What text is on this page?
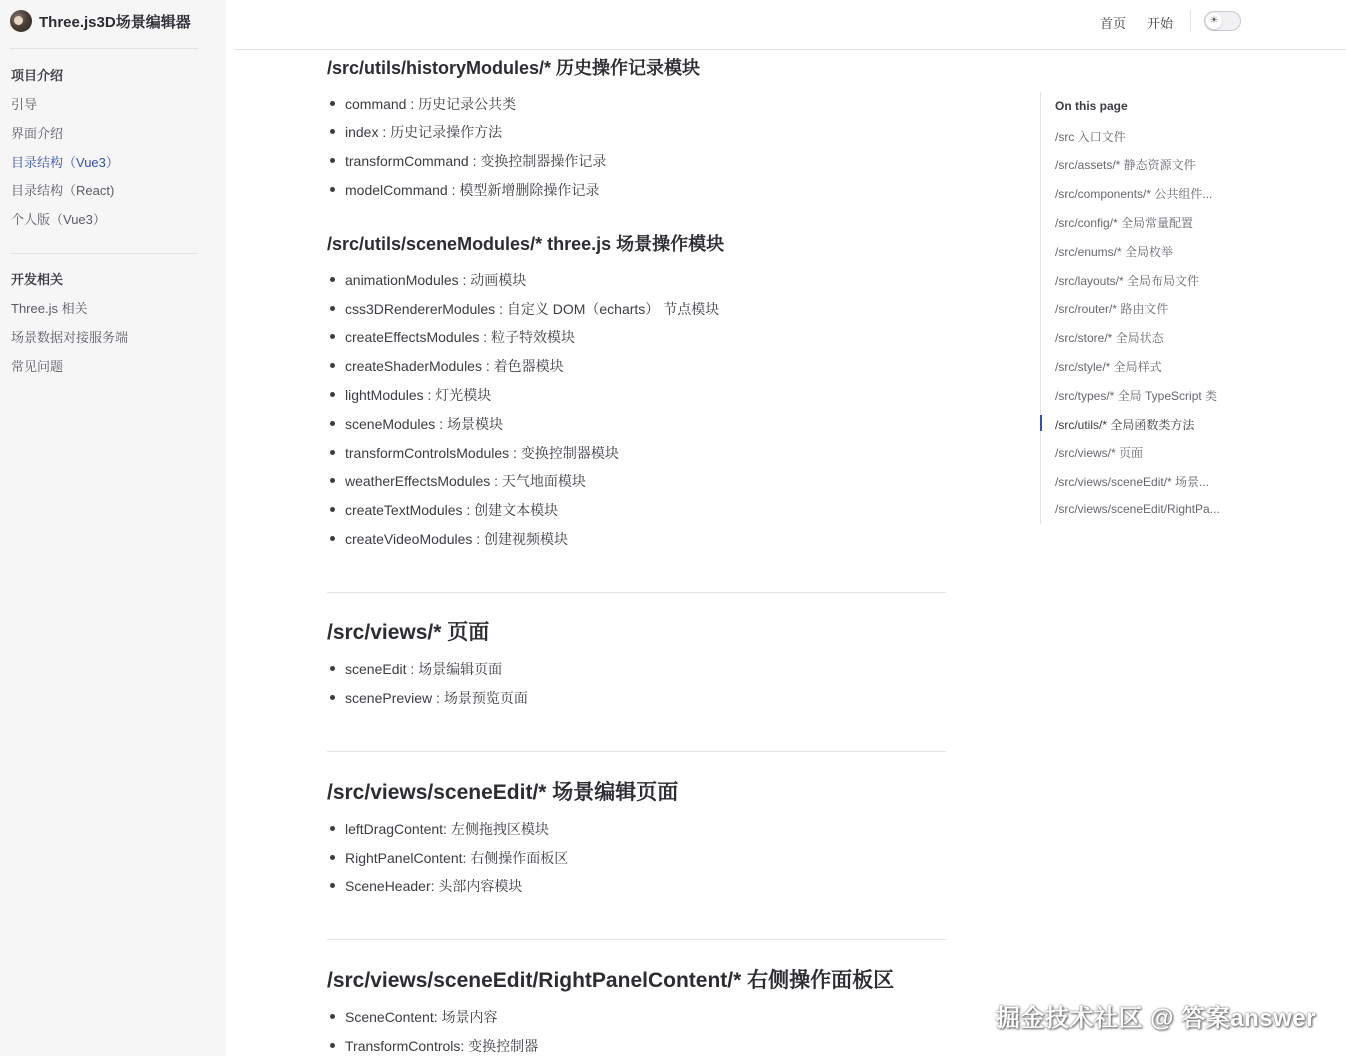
Three.js3D场景编辑器
项目介绍
引导
界面介绍
目录结构（Vue3）
目录结构（React)
个人版（Vue3）
开发相关
Three.js 相关
场景数据对接服务端
常见问题
首页 开始	☀
/src/utils/historyModules/* 历史操作记录模块
command : 历史记录公共类
index : 历史记录操作方法
transformCommand : 变换控制器操作记录
modelCommand : 模型新增删除操作记录
/src/utils/sceneModules/* three.js 场景操作模块
animationModules : 动画模块
css3DRendererModules : 自定义 DOM（echarts） 节点模块
createEffectsModules : 粒子特效模块
createShaderModules : 着色器模块
lightModules : 灯光模块
sceneModules : 场景模块
transformControlsModules : 变换控制器模块
weatherEffectsModules : 天气地面模块
createTextModules : 创建文本模块
createVideoModules : 创建视频模块
/src/views/* 页面
sceneEdit : 场景编辑页面
scenePreview : 场景预览页面
/src/views/sceneEdit/* 场景编辑页面
leftDragContent: 左侧拖拽区模块
RightPanelContent: 右侧操作面板区
SceneHeader: 头部内容模块
/src/views/sceneEdit/RightPanelContent/* 右侧操作面板区
SceneContent: 场景内容
TransformControls: 变换控制器
On this page
/src 入口文件
/src/assets/* 静态资源文件
/src/components/* 公共组件...
/src/config/* 全局常量配置
/src/enums/* 全局枚举
/src/layouts/* 全局布局文件
/src/router/* 路由文件
/src/store/* 全局状态
/src/style/* 全局样式
/src/types/* 全局 TypeScript 类
/src/utils/* 全局函数类方法
/src/views/* 页面
/src/views/sceneEdit/* 场景...
/src/views/sceneEdit/RightPa...
掘金技术社区 @ 答案answer
